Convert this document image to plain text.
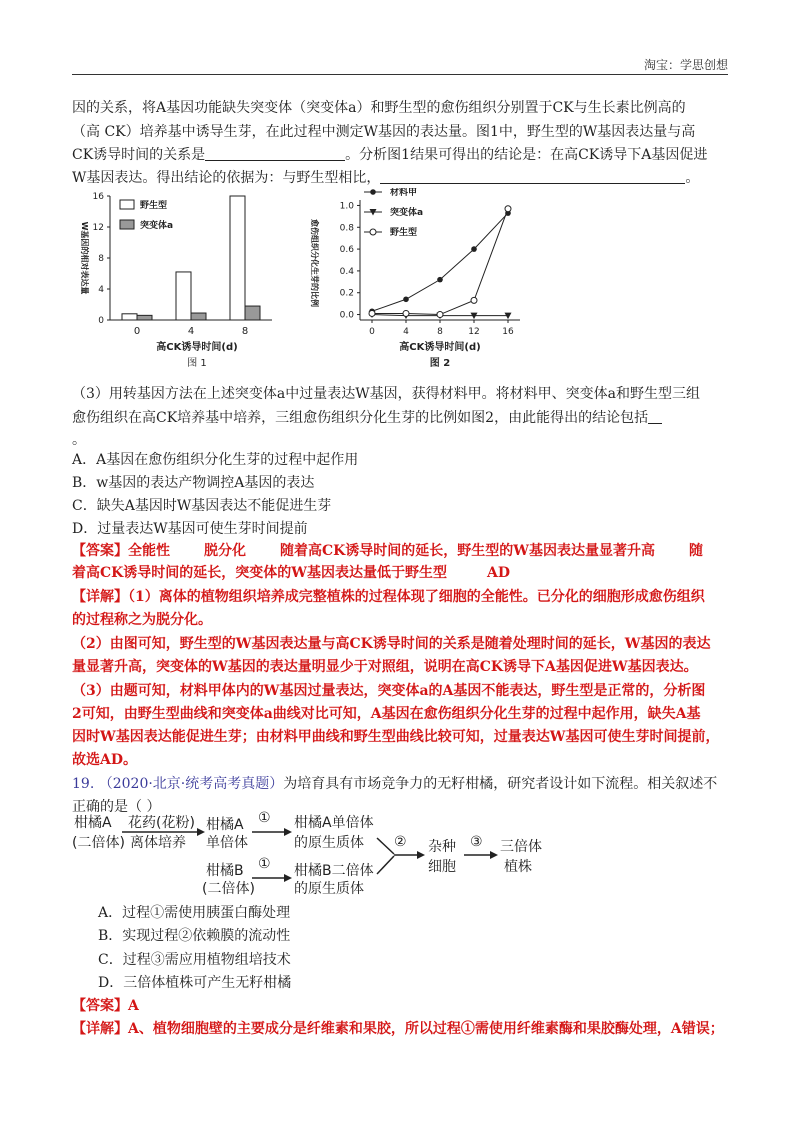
淘宝：学思创想
因的关系，将A基因功能缺失突变体（突变体a）和野生型的愈伤组织分别置于CK与生长素比例高的
（高 CK）培养基中诱导生芽，在此过程中测定W基因的表达量。图1中，野生型的W基因表达量与高
CK诱导时间的关系是	。分析图1结果可得出的结论是：在高CK诱导下A基因促进
W基因表达。得出结论的依据为：与野生型相比，	。
0
4
8
12
16
W基因的相对表达量
0	4	8
高CK诱导时间(d)
图 1
野生型
突变体a
0.0
0.2
0.4
0.6
0.8
1.0
0	4	8	12	16
愈伤组织分化生芽的比例
高CK诱导时间(d)
图 2
材料甲
突变体a
野生型
（3）用转基因方法在上述突变体a中过量表达W基因，获得材料甲。将材料甲、突变体a和野生型三组
愈伤组织在高CK培养基中培养，三组愈伤组织分化生芽的比例如图2，由此能得出的结论包括
。
A．A基因在愈伤组织分化生芽的过程中起作用
B．w基因的表达产物调控A基因的表达
C．缺失A基因时W基因表达不能促进生芽
D．过量表达W基因可使生芽时间提前
【答案】全能性 脱分化 随着高CK诱导时间的延长，野生型的W基因表达量显著升高 随
着高CK诱导时间的延长，突变体的W基因表达量低于野生型	AD
【详解】（1）离体的植物组织培养成完整植株的过程体现了细胞的全能性。已分化的细胞形成愈伤组织
的过程称之为脱分化。
（2）由图可知，野生型的W基因表达量与高CK诱导时间的关系是随着处理时间的延长，W基因的表达
量显著升高，突变体的W基因的表达量明显少于对照组，说明在高CK诱导下A基因促进W基因表达。
（3）由题可知，材料甲体内的W基因过量表达，突变体a的A基因不能表达，野生型是正常的，分析图
2可知，由野生型曲线和突变体a曲线对比可知，A基因在愈伤组织分化生芽的过程中起作用，缺失A基
因时W基因表达能促进生芽；由材料甲曲线和野生型曲线比较可知，过量表达W基因可使生芽时间提前，
故选AD。
19. （2020·北京·统考高考真题）为培育具有市场竞争力的无籽柑橘，研究者设计如下流程。相关叙述不
正确的是（ ）
柑橘A
(二倍体)
花药(花粉)
离体培养
柑橘A
单倍体
① 柑橘A单倍体
的原生质体 ② 杂种
细胞
③ 三倍体
植株
柑橘B
(二倍体)
① 柑橘B二倍体
的原生质体
A．过程①需使用胰蛋白酶处理
B．实现过程②依赖膜的流动性
C．过程③需应用植物组培技术
D．三倍体植株可产生无籽柑橘
【答案】A
【详解】A、植物细胞壁的主要成分是纤维素和果胶，所以过程①需使用纤维素酶和果胶酶处理，A错误；
